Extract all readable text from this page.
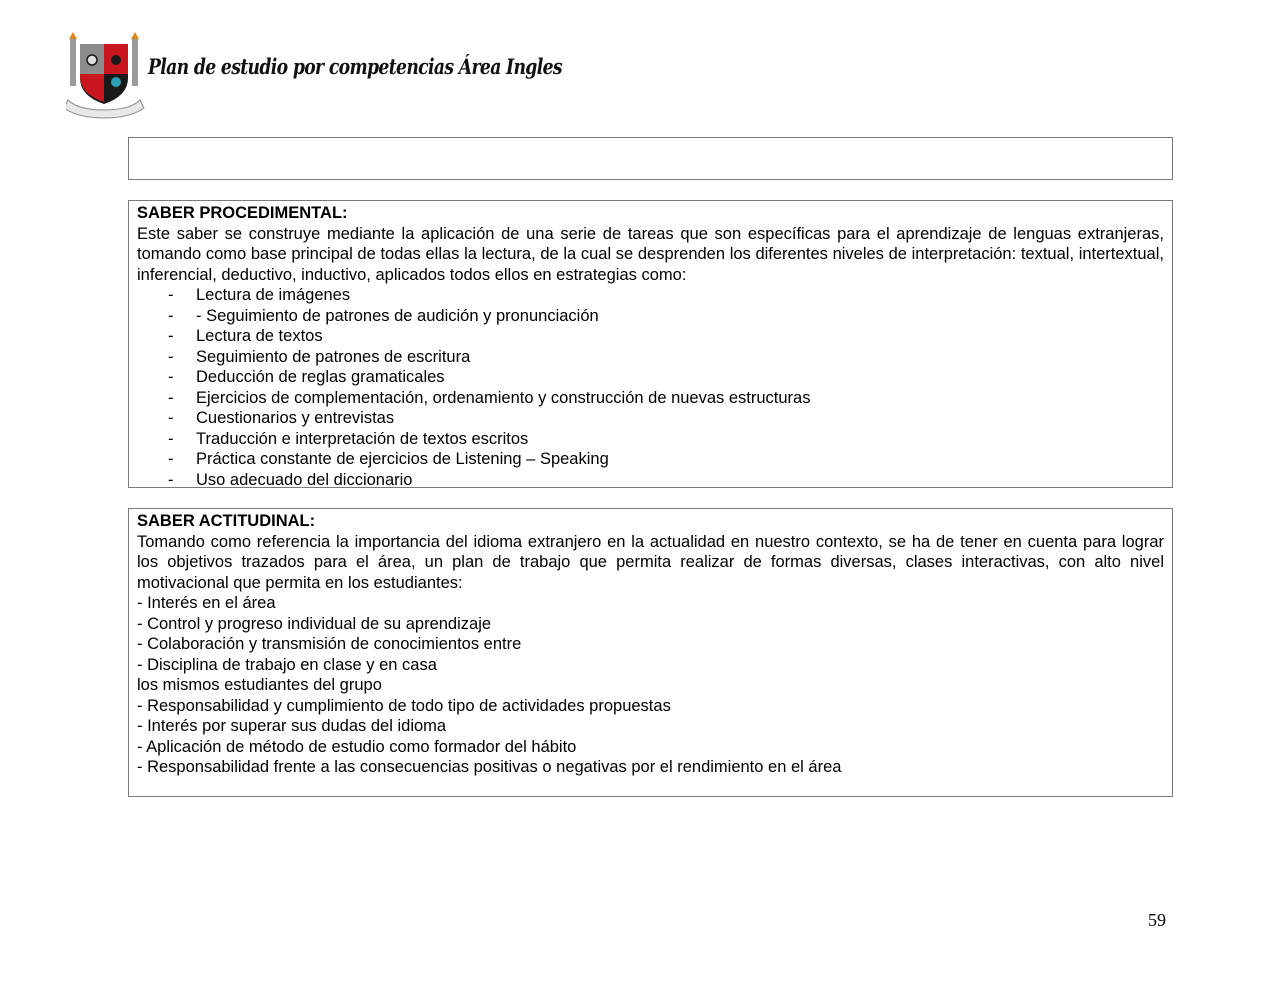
Plan de estudio por competencias Área Ingles
SABER PROCEDIMENTAL:
Este saber se construye mediante la aplicación de una serie de tareas que son específicas para el aprendizaje de lenguas extranjeras, tomando como base principal de todas ellas la lectura, de la cual se desprenden los diferentes niveles de interpretación: textual, intertextual, inferencial, deductivo, inductivo, aplicados todos ellos en estrategias como:
- Lectura de imágenes
- - Seguimiento de patrones de audición y pronunciación
- Lectura de textos
- Seguimiento de patrones de escritura
- Deducción de reglas gramaticales
- Ejercicios de complementación, ordenamiento y construcción de nuevas estructuras
- Cuestionarios y entrevistas
- Traducción e interpretación de textos escritos
- Práctica constante de ejercicios de Listening – Speaking
- Uso adecuado del diccionario
SABER ACTITUDINAL:
Tomando como referencia la importancia del idioma extranjero en la actualidad en nuestro contexto, se ha de tener en cuenta para lograr los objetivos trazados para el área, un plan de trabajo que permita realizar de formas diversas, clases interactivas, con alto nivel motivacional que permita en los estudiantes:
- Interés en el área
- Control y progreso individual de su aprendizaje
- Colaboración y transmisión de conocimientos entre
- Disciplina de trabajo en clase y en casa
los mismos estudiantes del grupo
- Responsabilidad y cumplimiento de todo tipo de actividades propuestas
- Interés por superar sus dudas del idioma
- Aplicación de método de estudio como formador del hábito
- Responsabilidad frente a las consecuencias positivas o negativas por el rendimiento en el área
59
